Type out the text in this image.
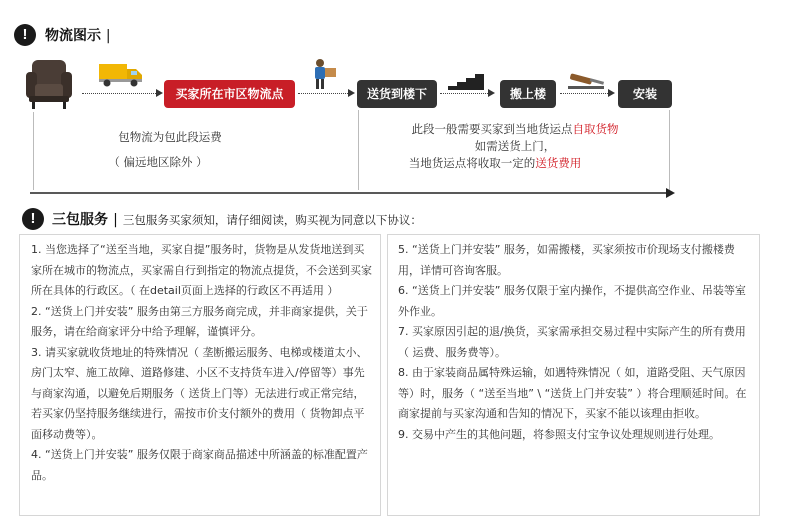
!	物流图示 |
买家所在市区物流点	送货到楼下	搬上楼	安装
包物流为包此段运费
（ 偏远地区除外 ）
此段一般需要买家到当地货运点自取货物
如需送货上门，
当地货运点将收取一定的送货费用
!	三包服务 | 三包服务买家须知，请仔细阅读，购买视为同意以下协议：

1. 当您选择了“送至当地，买家自提”服务时，货物是从发货地送到买家所在城市的物流点，买家需自行到指定的物流点提货，不会送到买家所在具体的行政区。（ 在detail页面上选择的行政区不再适用 ）

2. “送货上门并安装” 服务由第三方服务商完成，并非商家提供，关于服务，请在给商家评分中给予理解，谨慎评分。

3. 请买家就收货地址的特殊情况（ 垄断搬运服务、电梯或楼道太小、房门太窄、施工故障、道路修建、小区不支持货车进入/停留等）事先与商家沟通，以避免后期服务（ 送货上门等）无法进行或正常完结，若买家仍坚持服务继续进行，需按市价支付额外的费用（ 货物卸点平面移动费等）。

4. “送货上门并安装” 服务仅限于商家商品描述中所涵盖的标准配置产品。

5. “送货上门并安装” 服务，如需搬楼，买家须按市价现场支付搬楼费用，详情可咨询客服。

6. “送货上门并安装” 服务仅限于室内操作，不提供高空作业、吊装等室外作业。

7. 买家原因引起的退/换货，买家需承担交易过程中实际产生的所有费用（ 运费、服务费等）。

8. 由于家装商品属特殊运输，如遇特殊情况（ 如，道路受阻、天气原因等）时，服务（ “送至当地” \ “送货上门并安装” ）将合理顺延时间。在商家提前与买家沟通和告知的情况下，买家不能以该理由拒收。

9. 交易中产生的其他问题，将参照支付宝争议处理规则进行处理。
